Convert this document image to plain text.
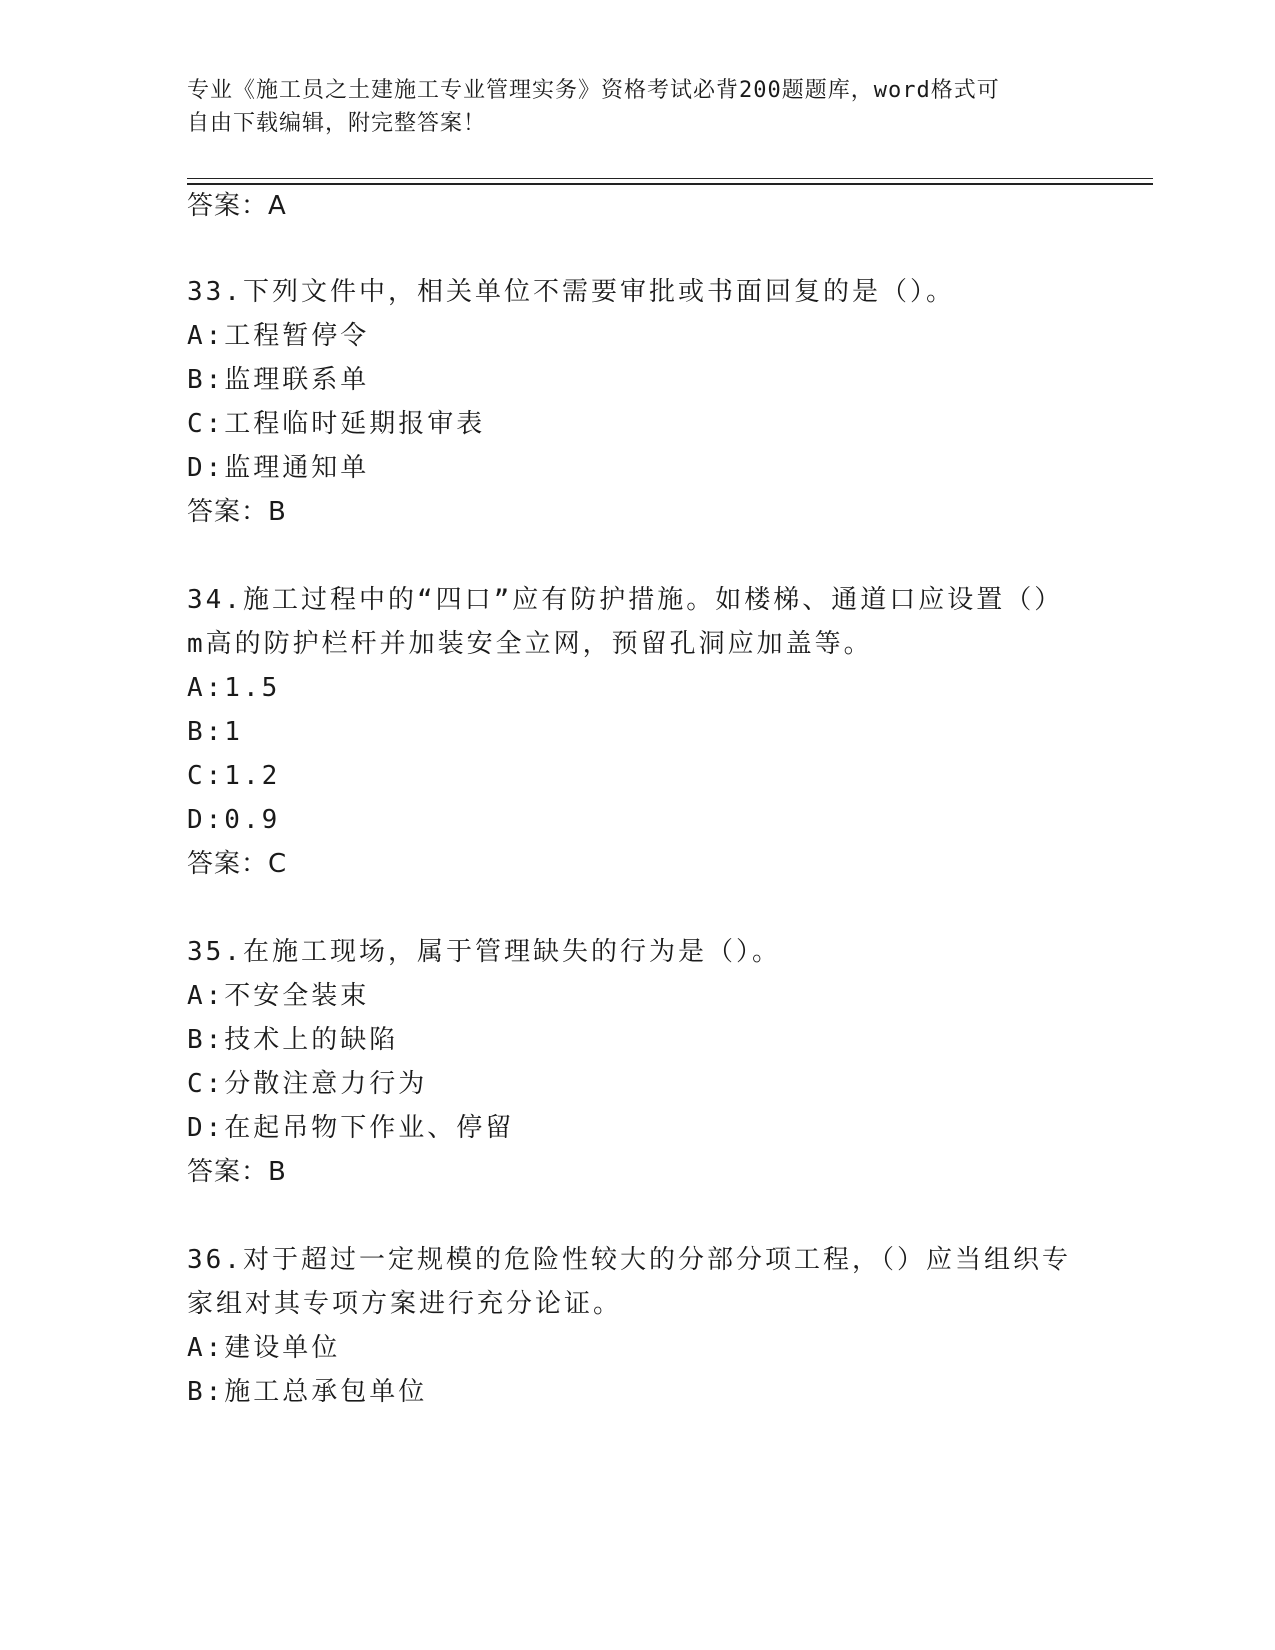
专业《施工员之土建施工专业管理实务》资格考试必背200题题库，word格式可
自由下载编辑，附完整答案！
答案：A
33.下列文件中，相关单位不需要审批或书面回复的是（）。
A:工程暂停令
B:监理联系单
C:工程临时延期报审表
D:监理通知单
答案：B
34.施工过程中的“四口”应有防护措施。如楼梯、通道口应设置（）
m高的防护栏杆并加装安全立网，预留孔洞应加盖等。
A:1.5
B:1
C:1.2
D:0.9
答案：C
35.在施工现场，属于管理缺失的行为是（）。
A:不安全装束
B:技术上的缺陷
C:分散注意力行为
D:在起吊物下作业、停留
答案：B
36.对于超过一定规模的危险性较大的分部分项工程，（）应当组织专
家组对其专项方案进行充分论证。
A:建设单位
B:施工总承包单位
